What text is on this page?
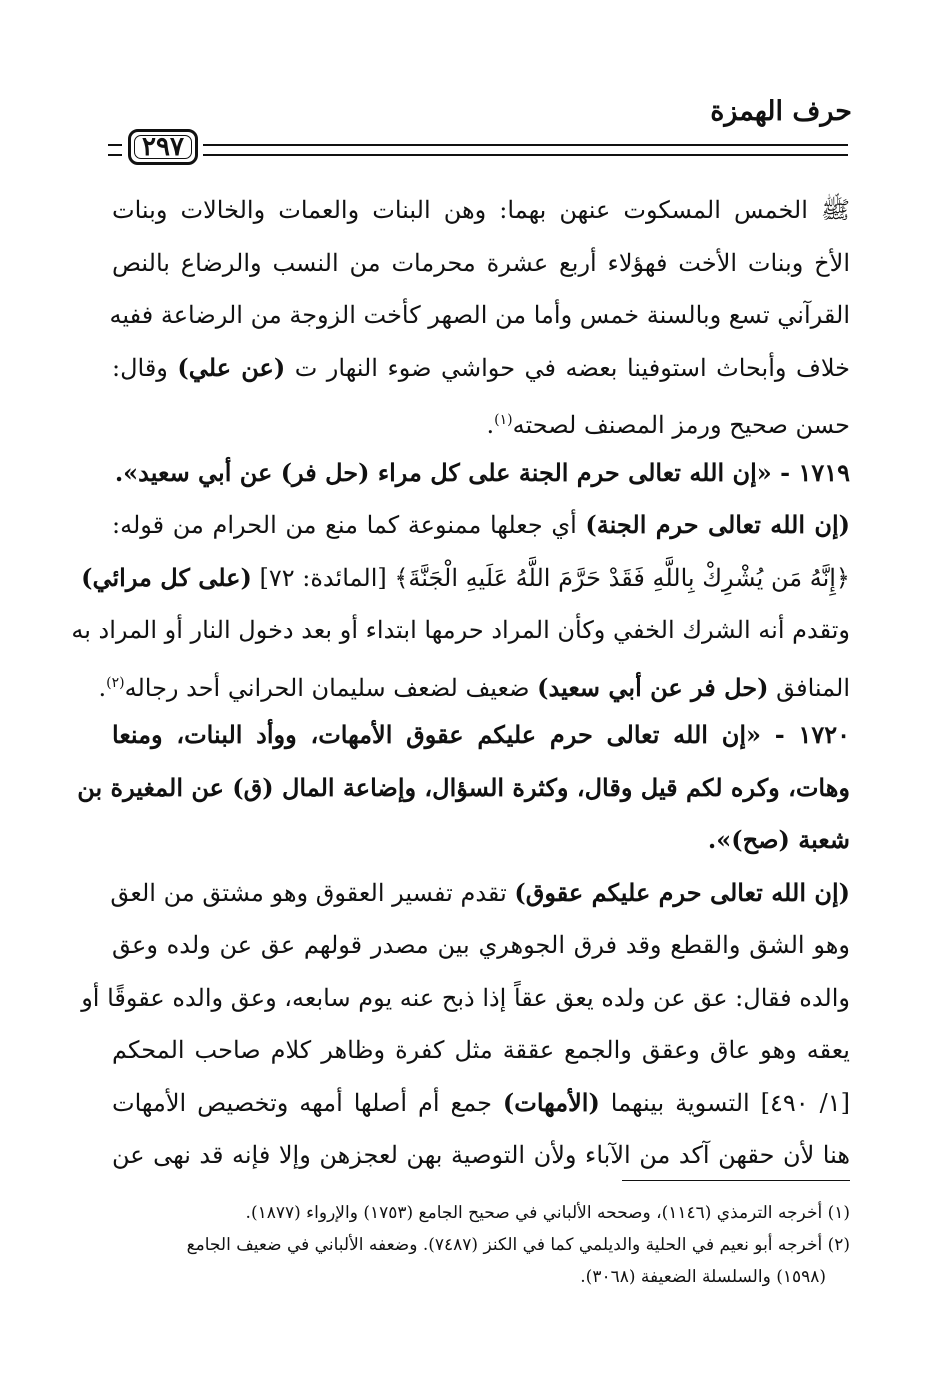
حرف الهمزة
٢٩٧
ﷺ الخمس المسكوت عنهن بهما: وهن البنات والعمات والخالات وبنات
الأخ وبنات الأخت فهؤلاء أربع عشرة محرمات من النسب والرضاع بالنص
القرآني تسع وبالسنة خمس وأما من الصهر كأخت الزوجة من الرضاعة ففيه
خلاف وأبحاث استوفينا بعضه في حواشي ضوء النهار ت (عن علي) وقال:
حسن صحيح ورمز المصنف لصحته$^{(١)}$.
١٧١٩ - «إن الله تعالى حرم الجنة على كل مراء (حل فر) عن أبي سعيد».
(إن الله تعالى حرم الجنة) أي جعلها ممنوعة كما منع من الحرام من قوله:
﴿إِنَّهُ مَن يُشْرِكْ بِاللَّهِ فَقَدْ حَرَّمَ اللَّهُ عَلَيهِ الْجَنَّةَ﴾ [المائدة: ٧٢] (على كل مرائي)
وتقدم أنه الشرك الخفي وكأن المراد حرمها ابتداء أو بعد دخول النار أو المراد به
المنافق (حل فر عن أبي سعيد) ضعيف لضعف سليمان الحراني أحد رجاله$^{(٢)}$.
١٧٢٠ - «إن الله تعالى حرم عليكم عقوق الأمهات، ووأد البنات، ومنعا
وهات، وكره لكم قيل وقال، وكثرة السؤال، وإضاعة المال (ق) عن المغيرة بن
شعبة (صح)».
(إن الله تعالى حرم عليكم عقوق) تقدم تفسير العقوق وهو مشتق من العق
وهو الشق والقطع وقد فرق الجوهري بين مصدر قولهم عق عن ولده وعق
والده فقال: عق عن ولده يعق عقاً إذا ذبح عنه يوم سابعه، وعق والده عقوقًا أو
يعقه وهو عاق وعقق والجمع عققة مثل كفرة وظاهر كلام صاحب المحكم
[١/ ٤٩٠] التسوية بينهما (الأمهات) جمع أم أصلها أمهه وتخصيص الأمهات
هنا لأن حقهن آكد من الآباء ولأن التوصية بهن لعجزهن وإلا فإنه قد نهى عن
(١) أخرجه الترمذي (١١٤٦)، وصححه الألباني في صحيح الجامع (١٧٥٣) والإرواء (١٨٧٧).
(٢) أخرجه أبو نعيم في الحلية والديلمي كما في الكنز (٧٤٨٧). وضعفه الألباني في ضعيف الجامع
(١٥٩٨) والسلسلة الضعيفة (٣٠٦٨).
